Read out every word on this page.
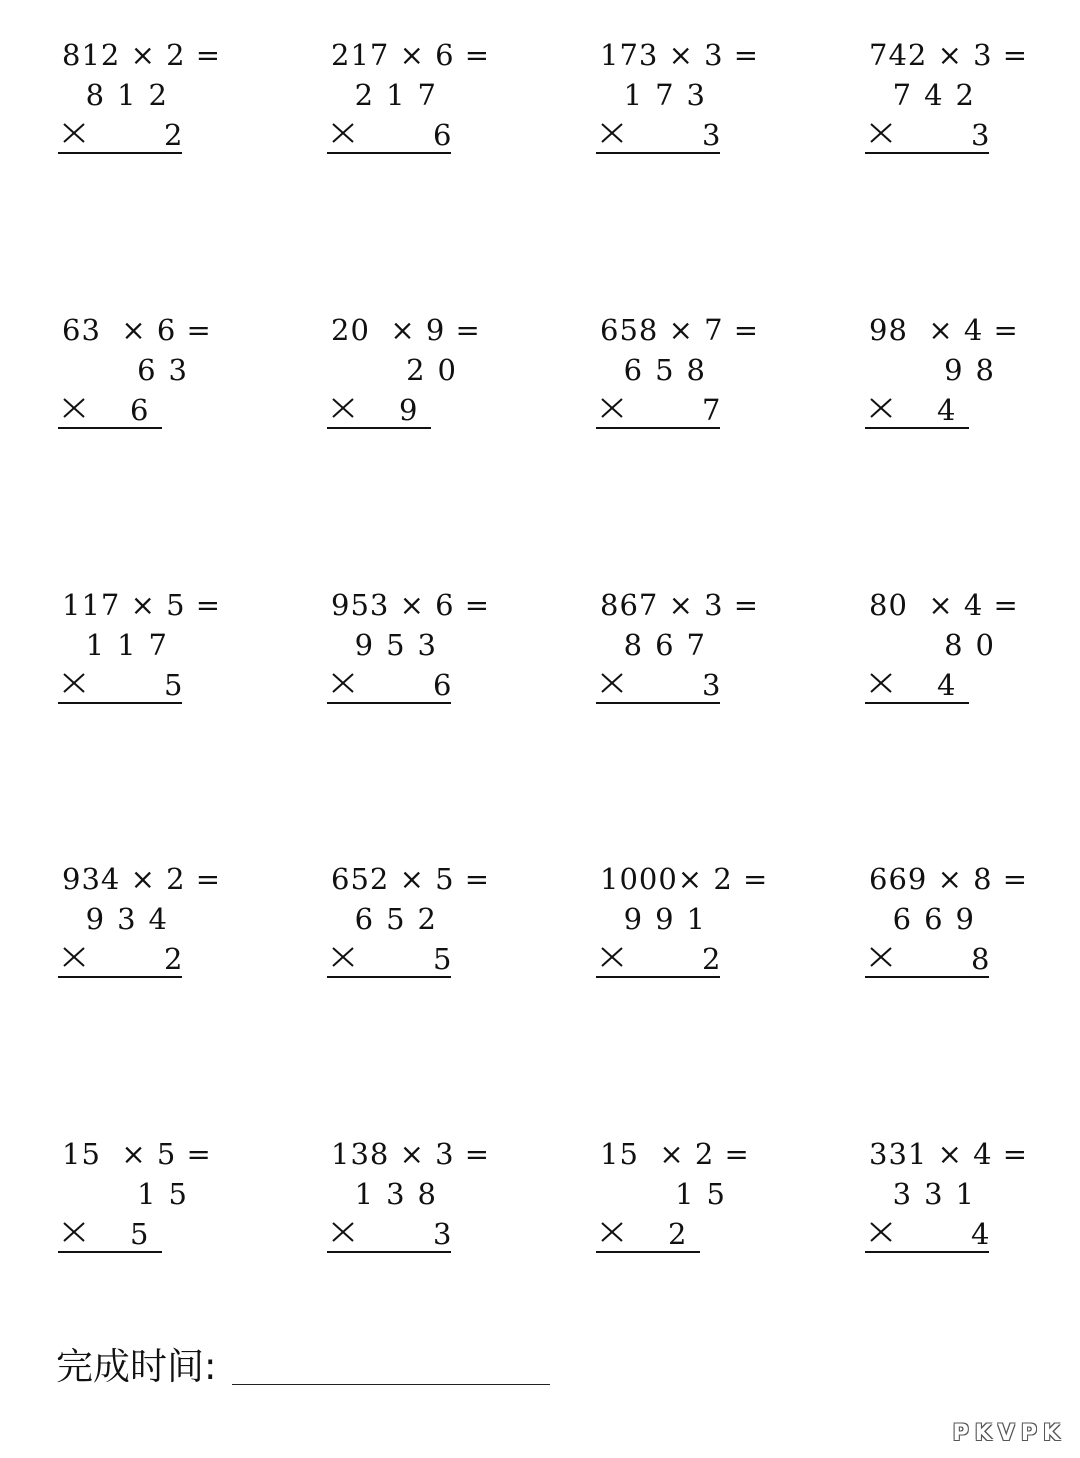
812 × 2 =
812
2
217 × 6 =
217
6
173 × 3 =
173
3
742 × 3 =
742
3
63  × 6 =
63
6
20  × 9 =
20
9
658 × 7 =
658
7
98  × 4 =
98
4
117 × 5 =
117
5
953 × 6 =
953
6
867 × 3 =
867
3
80  × 4 =
80
4
934 × 2 =
934
2
652 × 5 =
652
5
1000× 2 =
991
2
669 × 8 =
669
8
15  × 5 =
15
5
138 × 3 =
138
3
15  × 2 =
15
2
331 × 4 =
331
4
完成时间:
PKVPK
